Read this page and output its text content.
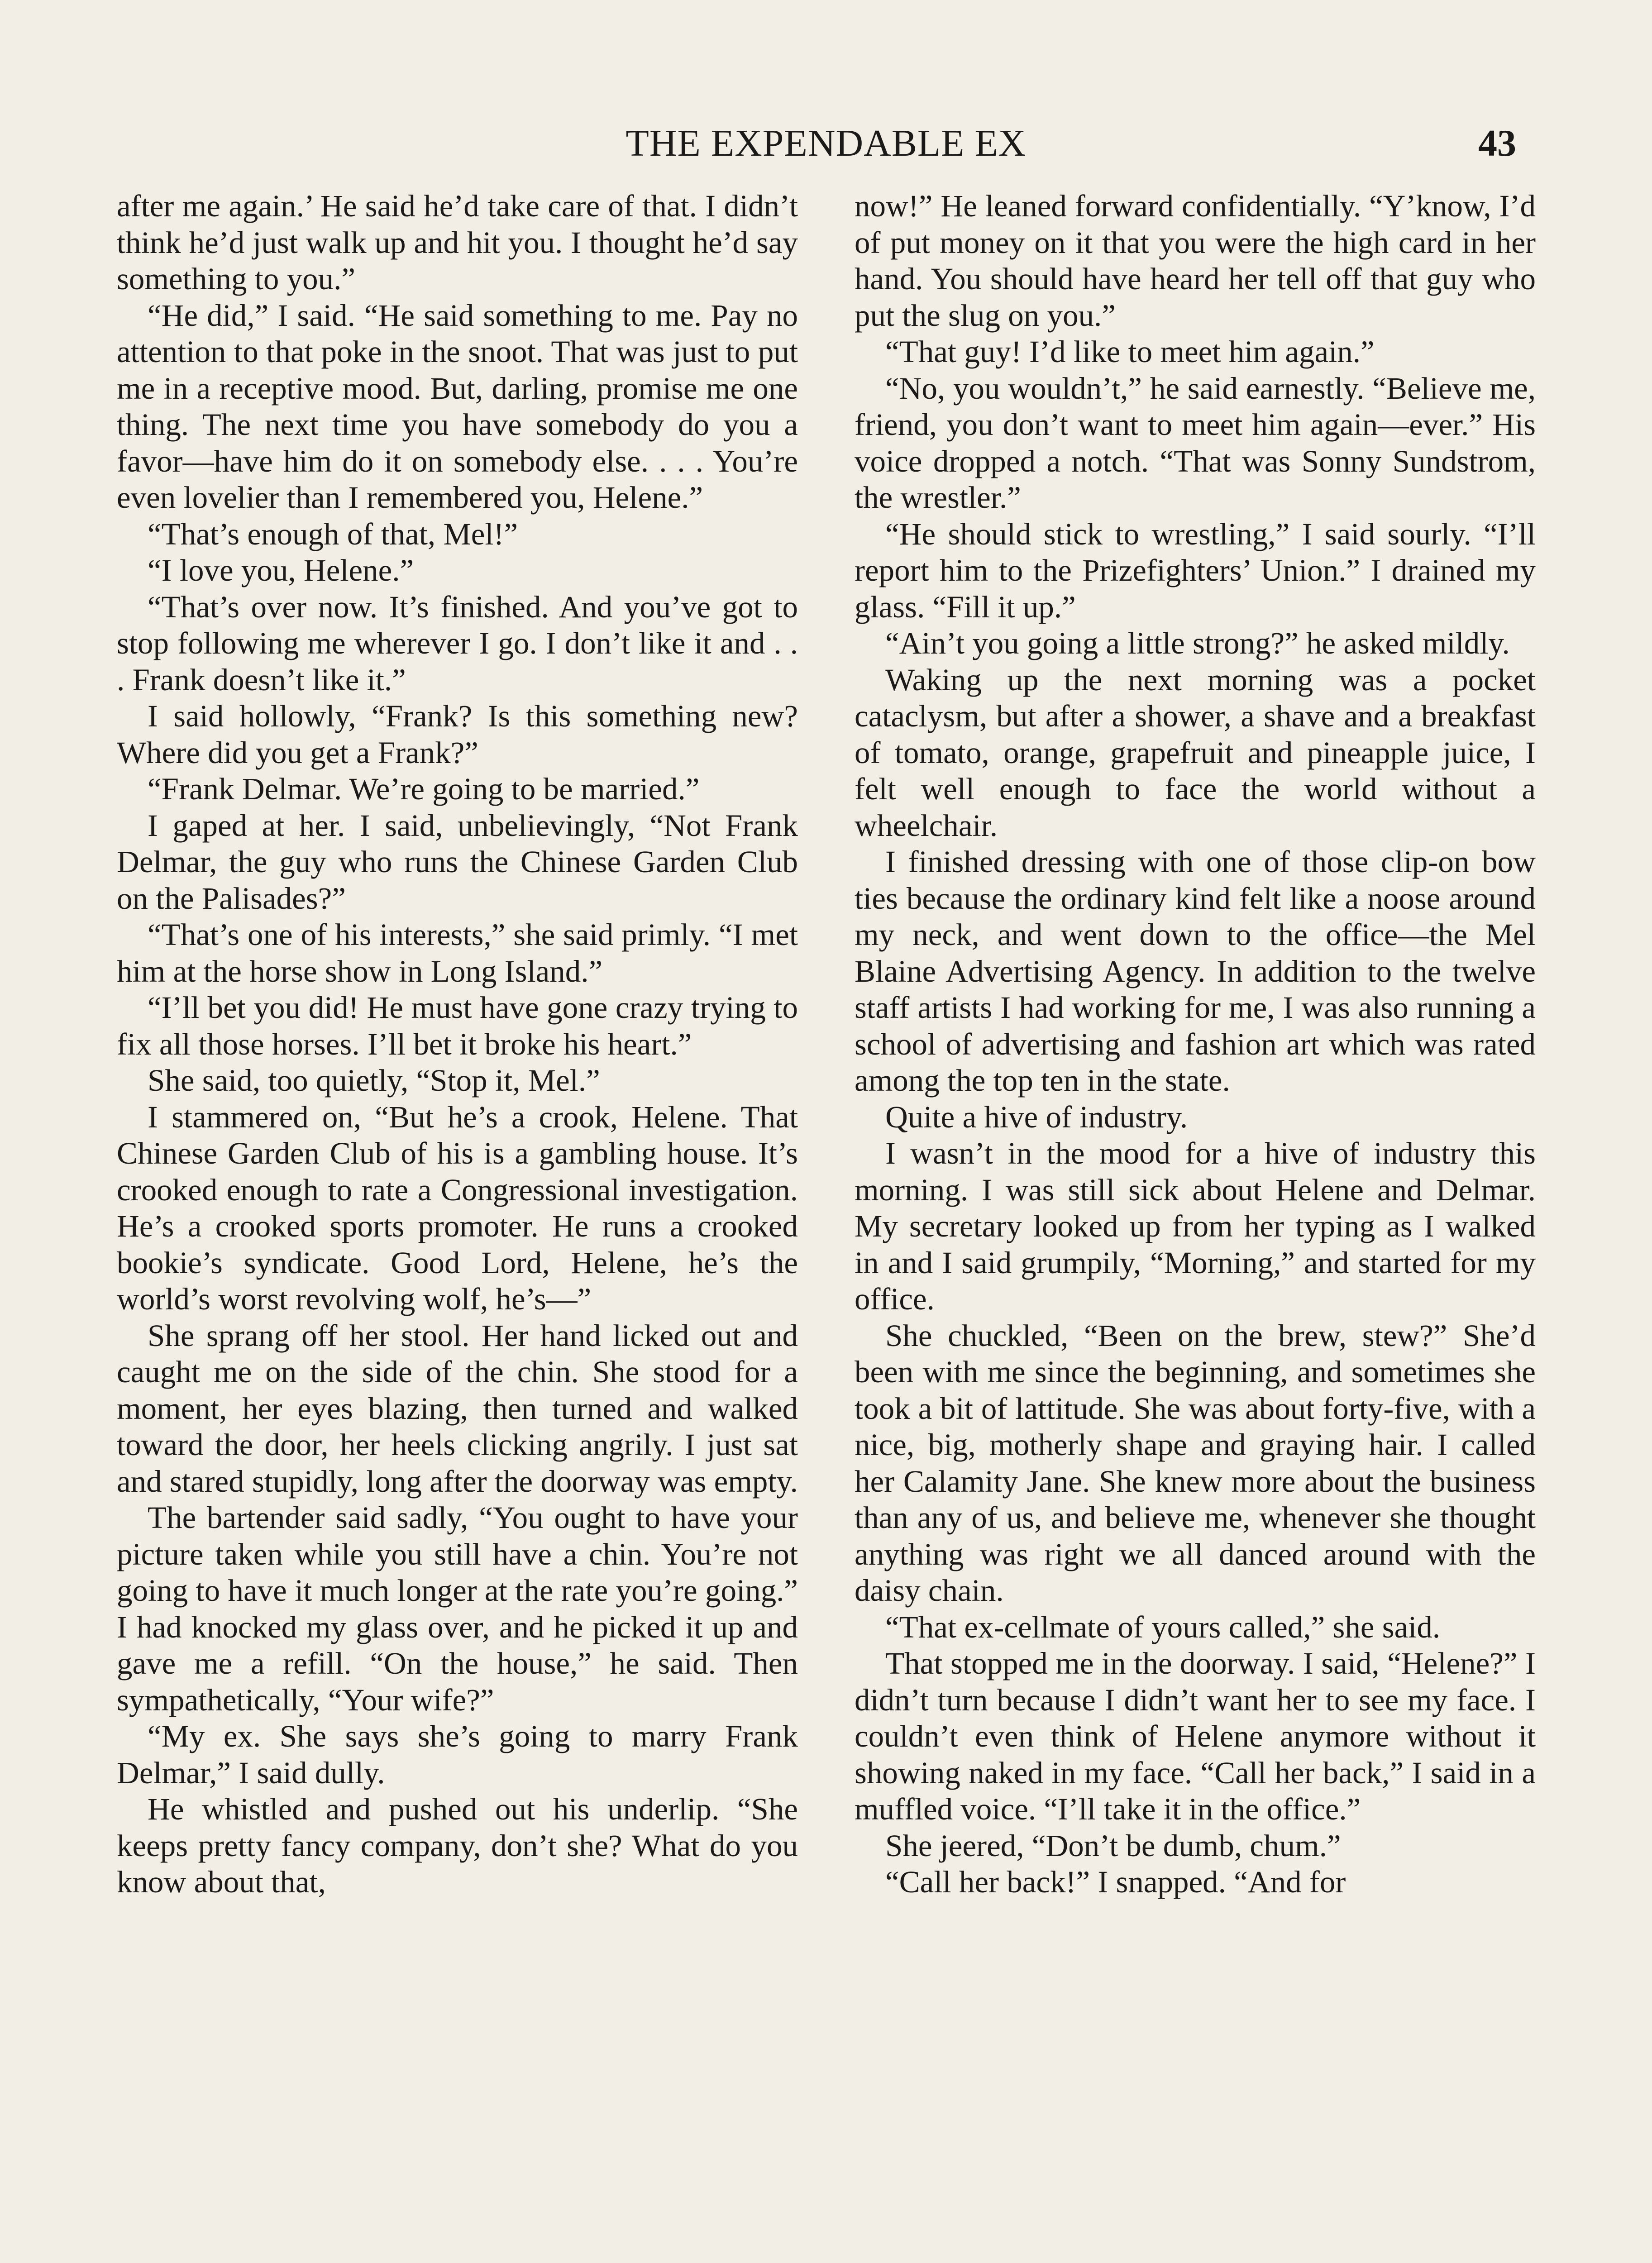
THE EXPENDABLE EX	43

after me again.’ He said he’d take care of that. I didn’t think he’d just walk up and hit you. I thought he’d say something to you.”

“He did,” I said. “He said something to me. Pay no attention to that poke in the snoot. That was just to put me in a receptive mood. But, darling, promise me one thing. The next time you have somebody do you a favor—have him do it on somebody else. . . . You’re even lovelier than I remembered you, Helene.”

“That’s enough of that, Mel!”

“I love you, Helene.”

“That’s over now. It’s finished. And you’ve got to stop following me wherever I go. I don’t like it and . . . Frank doesn’t like it.”

I said hollowly, “Frank? Is this something new? Where did you get a Frank?”

“Frank Delmar. We’re going to be married.”

I gaped at her. I said, unbelievingly, “Not Frank Delmar, the guy who runs the Chinese Garden Club on the Palisades?”

“That’s one of his interests,” she said primly. “I met him at the horse show in Long Island.”

“I’ll bet you did! He must have gone crazy trying to fix all those horses. I’ll bet it broke his heart.”

She said, too quietly, “Stop it, Mel.”

I stammered on, “But he’s a crook, Helene. That Chinese Garden Club of his is a gambling house. It’s crooked enough to rate a Congressional investigation. He’s a crooked sports promoter. He runs a crooked bookie’s syndicate. Good Lord, Helene, he’s the world’s worst revolving wolf, he’s—”

She sprang off her stool. Her hand licked out and caught me on the side of the chin. She stood for a moment, her eyes blazing, then turned and walked toward the door, her heels clicking angrily. I just sat and stared stupidly, long after the doorway was empty.

The bartender said sadly, “You ought to have your picture taken while you still have a chin. You’re not going to have it much longer at the rate you’re going.” I had knocked my glass over, and he picked it up and gave me a refill. “On the house,” he said. Then sympathetically, “Your wife?”

“My ex. She says she’s going to marry Frank Delmar,” I said dully.

He whistled and pushed out his underlip. “She keeps pretty fancy company, don’t she? What do you know about that,

now!” He leaned forward confidentially. “Y’know, I’d of put money on it that you were the high card in her hand. You should have heard her tell off that guy who put the slug on you.”

“That guy! I’d like to meet him again.”

“No, you wouldn’t,” he said earnestly. “Believe me, friend, you don’t want to meet him again—ever.” His voice dropped a notch. “That was Sonny Sundstrom, the wrestler.”

“He should stick to wrestling,” I said sourly. “I’ll report him to the Prizefighters’ Union.” I drained my glass. “Fill it up.”

“Ain’t you going a little strong?” he asked mildly.

Waking up the next morning was a pocket cataclysm, but after a shower, a shave and a breakfast of tomato, orange, grapefruit and pineapple juice, I felt well enough to face the world without a wheelchair.

I finished dressing with one of those clip-on bow ties because the ordinary kind felt like a noose around my neck, and went down to the office—the Mel Blaine Advertising Agency. In addition to the twelve staff artists I had working for me, I was also running a school of advertising and fashion art which was rated among the top ten in the state.

Quite a hive of industry.

I wasn’t in the mood for a hive of industry this morning. I was still sick about Helene and Delmar. My secretary looked up from her typing as I walked in and I said grumpily, “Morning,” and started for my office.

She chuckled, “Been on the brew, stew?” She’d been with me since the beginning, and sometimes she took a bit of lattitude. She was about forty-five, with a nice, big, motherly shape and graying hair. I called her Calamity Jane. She knew more about the business than any of us, and believe me, whenever she thought anything was right we all danced around with the daisy chain.

“That ex-cellmate of yours called,” she said.

That stopped me in the doorway. I said, “Helene?” I didn’t turn because I didn’t want her to see my face. I couldn’t even think of Helene anymore without it showing naked in my face. “Call her back,” I said in a muffled voice. “I’ll take it in the office.”

She jeered, “Don’t be dumb, chum.”

“Call her back!” I snapped. “And for
